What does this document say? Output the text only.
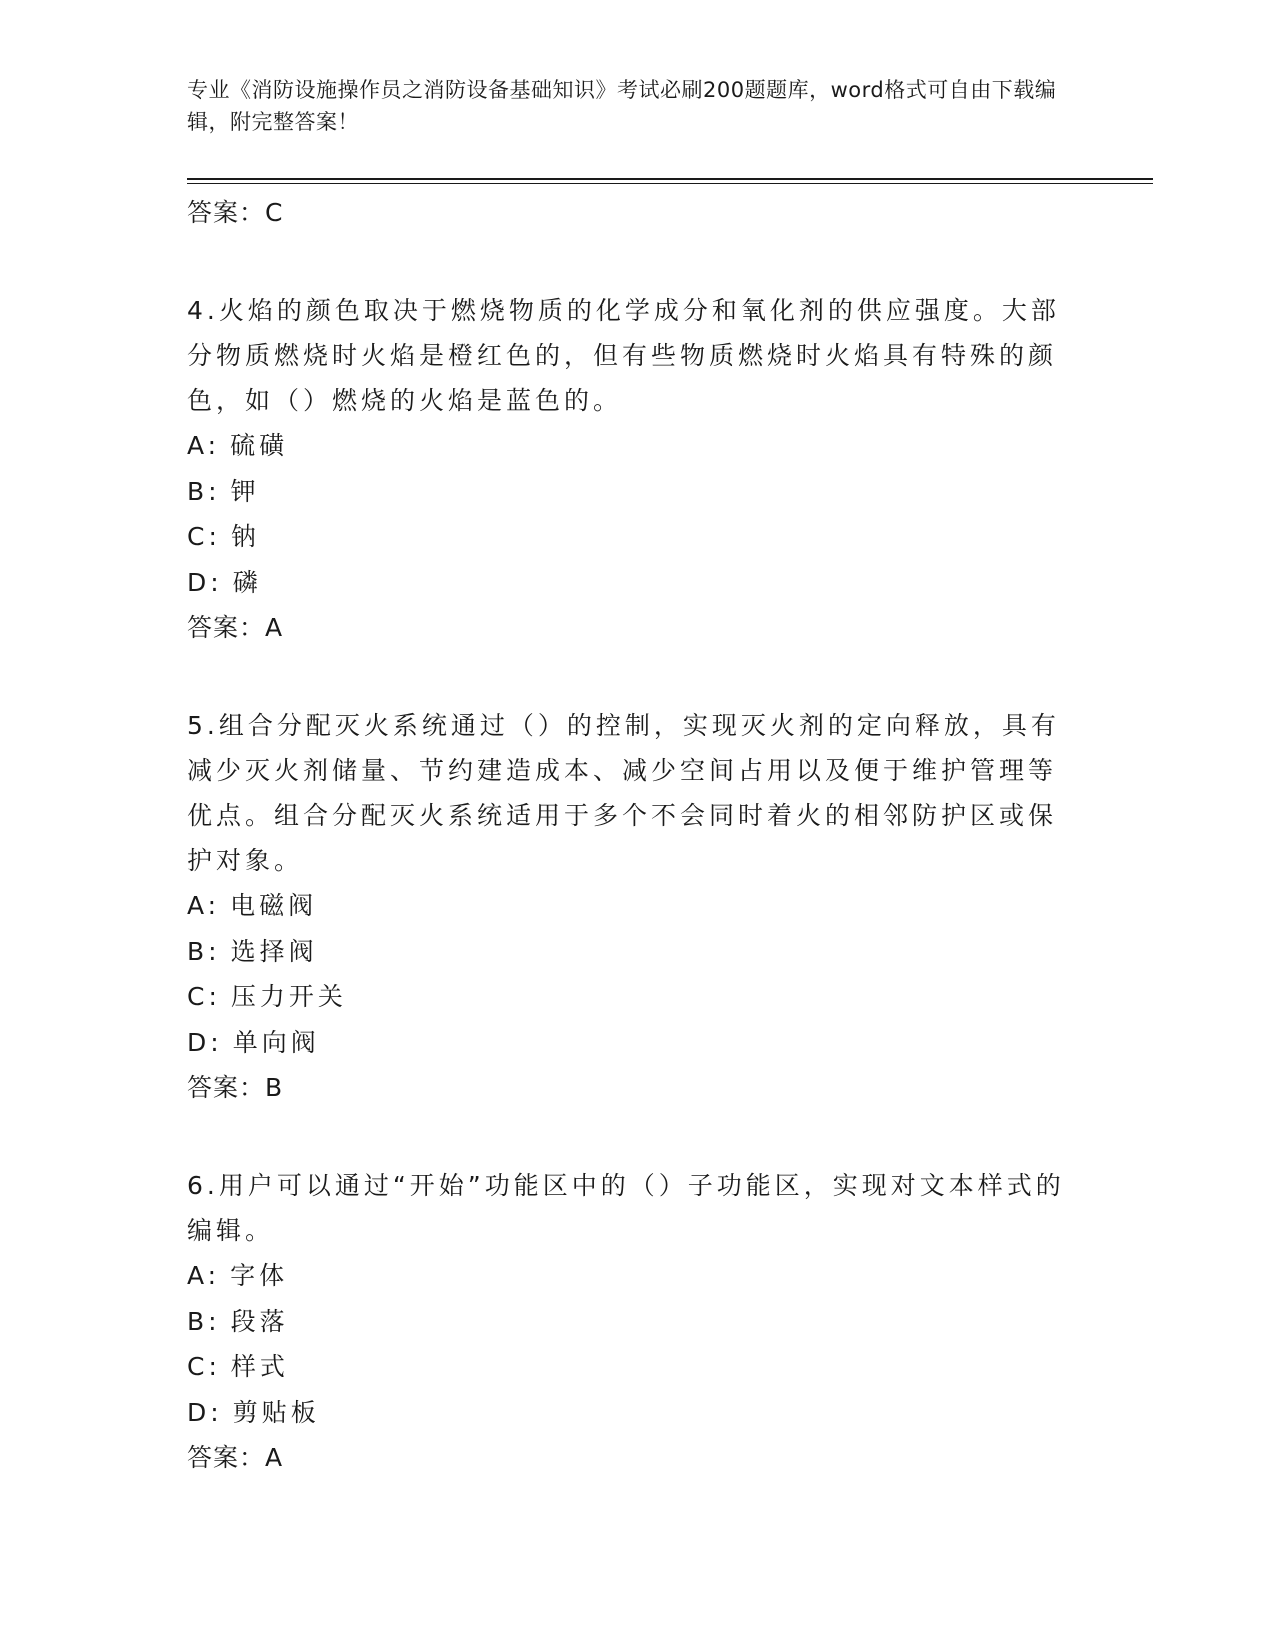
专业《消防设施操作员之消防设备基础知识》考试必刷200题题库，word格式可自由下载编辑，附完整答案！
答案：C
4.火焰的颜色取决于燃烧物质的化学成分和氧化剂的供应强度。大部分物质燃烧时火焰是橙红色的，但有些物质燃烧时火焰具有特殊的颜色，如（）燃烧的火焰是蓝色的。
A: 硫磺
B: 钾
C: 钠
D: 磷
答案：A
5.组合分配灭火系统通过（）的控制，实现灭火剂的定向释放，具有减少灭火剂储量、节约建造成本、减少空间占用以及便于维护管理等优点。组合分配灭火系统适用于多个不会同时着火的相邻防护区或保护对象。
A: 电磁阀
B: 选择阀
C: 压力开关
D: 单向阀
答案：B
6.用户可以通过“开始”功能区中的（）子功能区，实现对文本样式的编辑。
A: 字体
B: 段落
C: 样式
D: 剪贴板
答案：A
